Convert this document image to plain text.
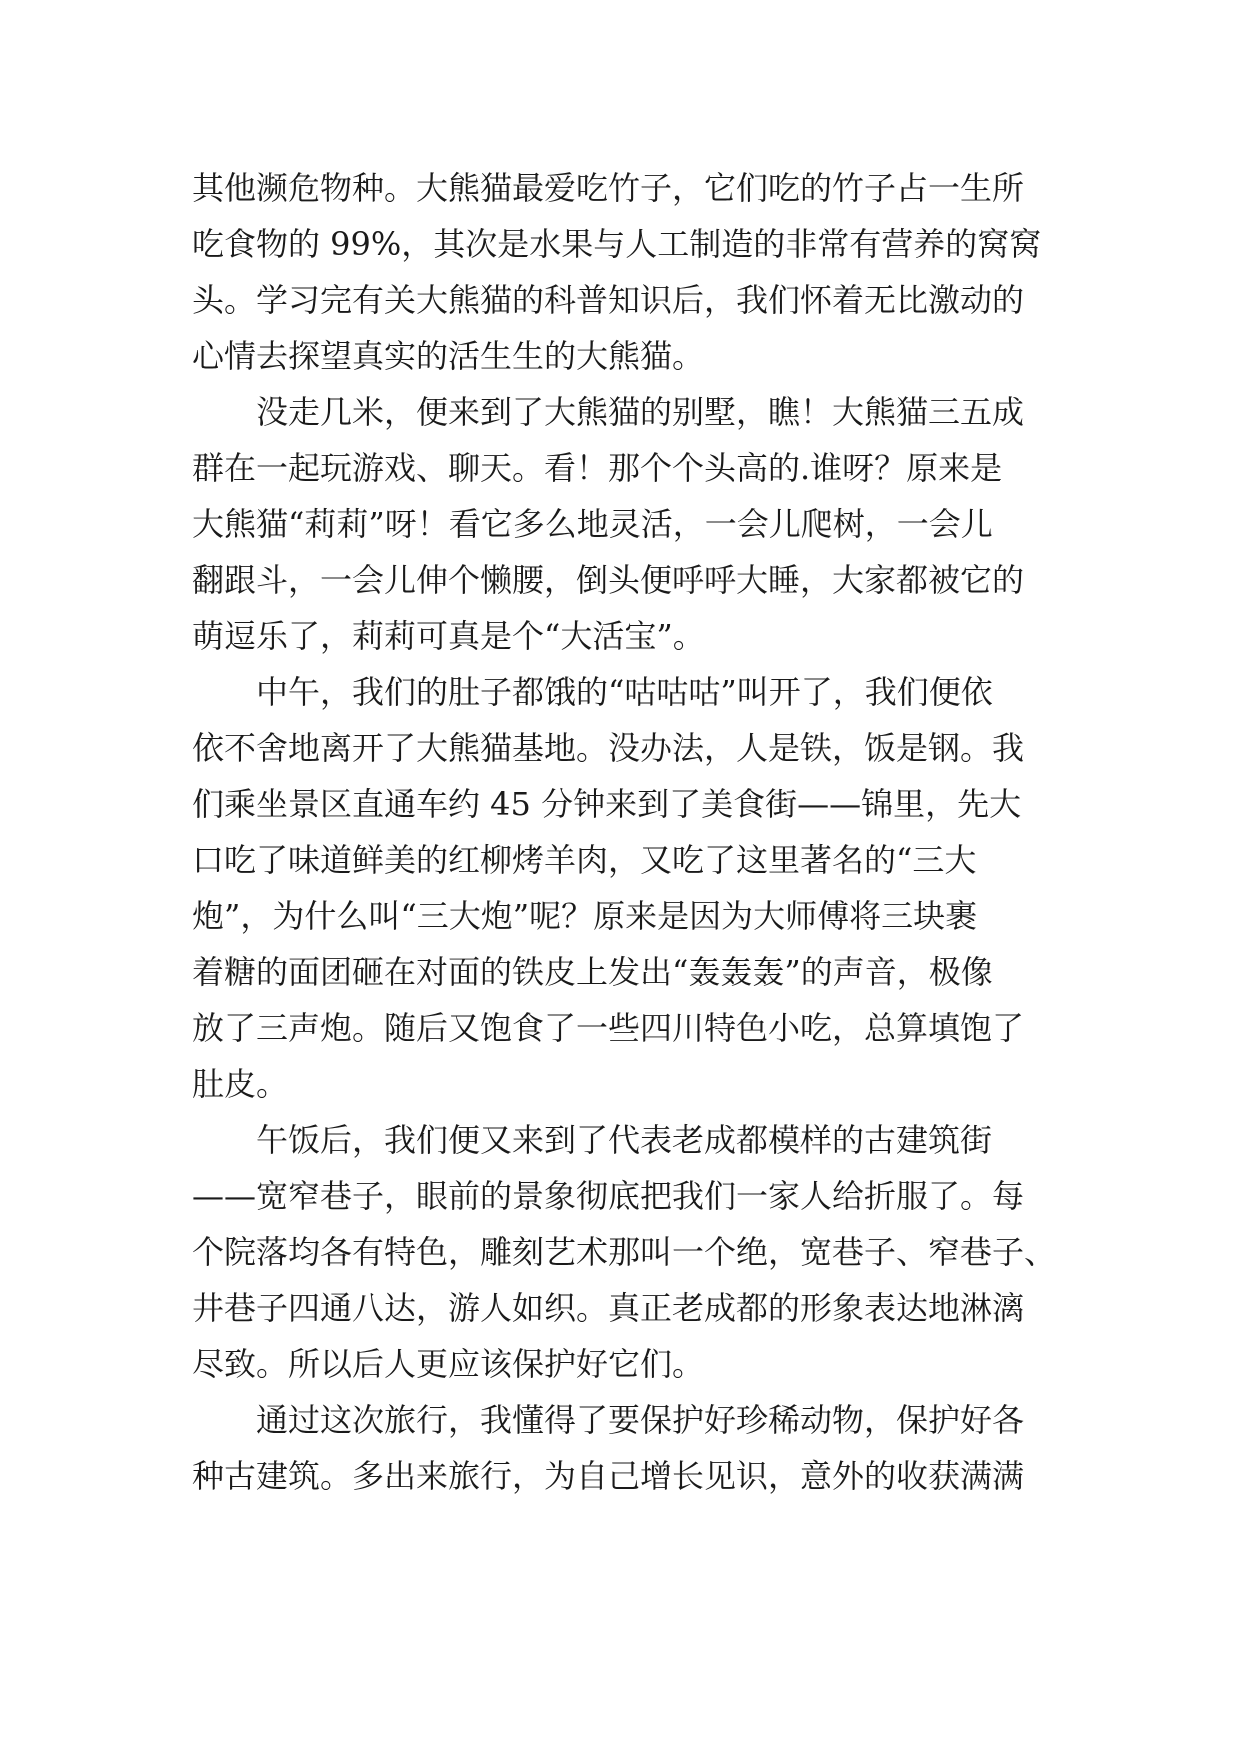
其他濒危物种。大熊猫最爱吃竹子，它们吃的竹子占一生所
吃食物的 99%，其次是水果与人工制造的非常有营养的窝窝
头。学习完有关大熊猫的科普知识后，我们怀着无比激动的
心情去探望真实的活生生的大熊猫。
没走几米，便来到了大熊猫的别墅，瞧！大熊猫三五成
群在一起玩游戏、聊天。看！那个个头高的.谁呀？原来是
大熊猫“莉莉”呀！看它多么地灵活，一会儿爬树，一会儿
翻跟斗，一会儿伸个懒腰，倒头便呼呼大睡，大家都被它的
萌逗乐了，莉莉可真是个“大活宝”。
中午，我们的肚子都饿的“咕咕咕”叫开了，我们便依
依不舍地离开了大熊猫基地。没办法，人是铁，饭是钢。我
们乘坐景区直通车约 45 分钟来到了美食街——锦里，先大
口吃了味道鲜美的红柳烤羊肉，又吃了这里著名的“三大
炮”，为什么叫“三大炮”呢？原来是因为大师傅将三块裹
着糖的面团砸在对面的铁皮上发出“轰轰轰”的声音，极像
放了三声炮。随后又饱食了一些四川特色小吃，总算填饱了
肚皮。
午饭后，我们便又来到了代表老成都模样的古建筑街
——宽窄巷子，眼前的景象彻底把我们一家人给折服了。每
个院落均各有特色，雕刻艺术那叫一个绝，宽巷子、窄巷子、
井巷子四通八达，游人如织。真正老成都的形象表达地淋漓
尽致。所以后人更应该保护好它们。
通过这次旅行，我懂得了要保护好珍稀动物，保护好各
种古建筑。多出来旅行，为自己增长见识，意外的收获满满
